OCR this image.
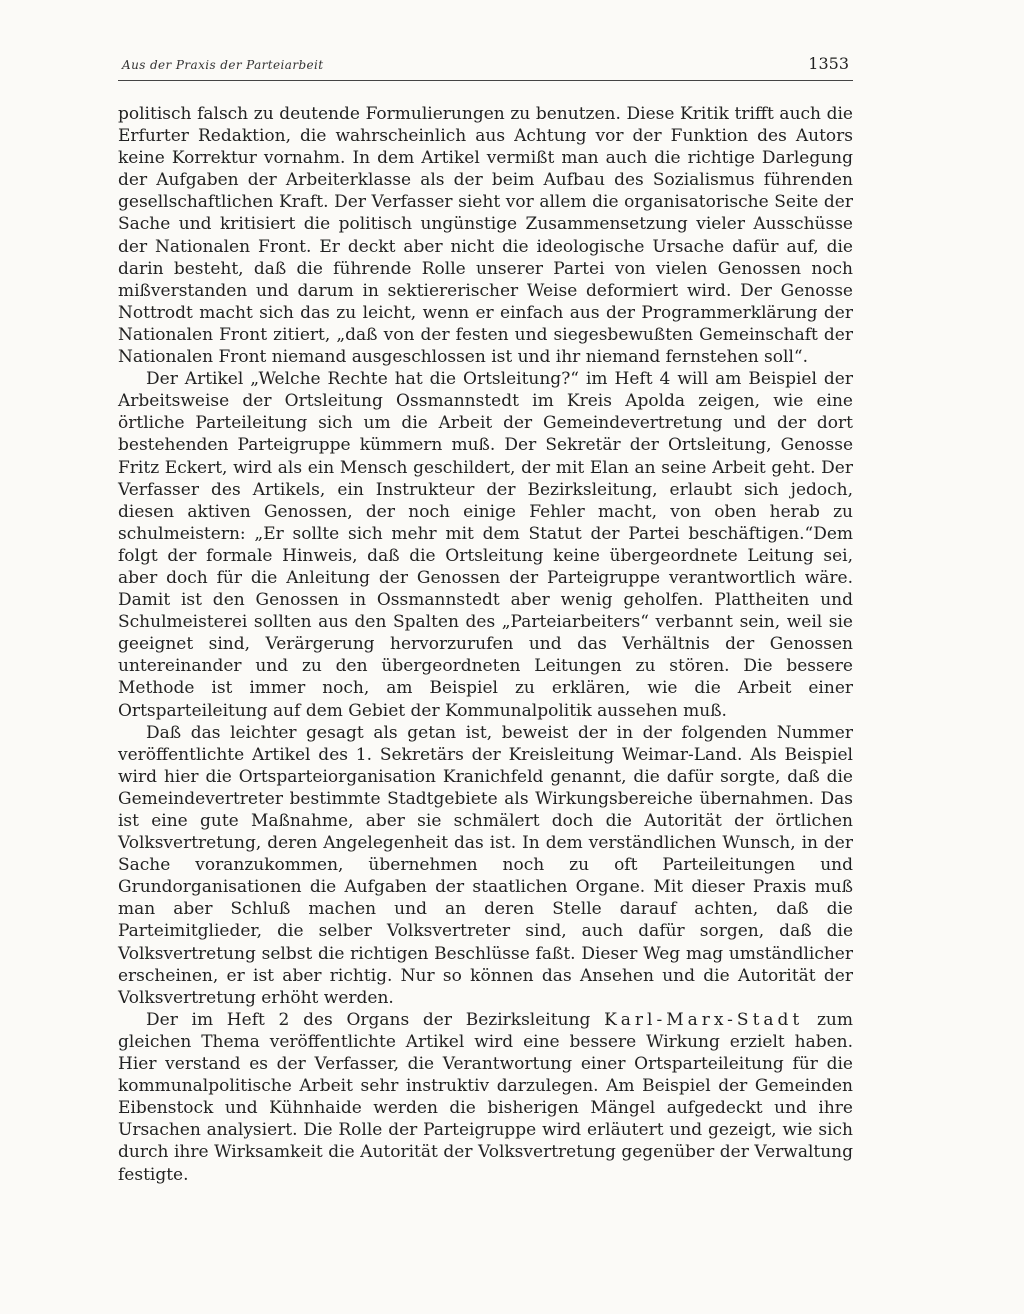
Aus der Praxis der Parteiarbeit	1353

politisch falsch zu deutende Formulierungen zu benutzen. Diese Kritik trifft auch die Erfurter Redaktion, die wahrscheinlich aus Achtung vor der Funktion des Autors keine Korrektur vornahm. In dem Artikel vermißt man auch die richtige Darlegung der Aufgaben der Arbeiterklasse als der beim Aufbau des Sozialismus führenden gesellschaftlichen Kraft. Der Verfasser sieht vor allem die organisatorische Seite der Sache und kritisiert die politisch ungünstige Zusammensetzung vieler Ausschüsse der Nationalen Front. Er deckt aber nicht die ideologische Ursache dafür auf, die darin besteht, daß die führende Rolle unserer Partei von vielen Genossen noch mißverstanden und darum in sektiererischer Weise deformiert wird. Der Genosse Nottrodt macht sich das zu leicht, wenn er einfach aus der Programmerklärung der Nationalen Front zitiert, „daß von der festen und siegesbewußten Gemeinschaft der Nationalen Front niemand ausgeschlossen ist und ihr niemand fernstehen soll“.

Der Artikel „Welche Rechte hat die Ortsleitung?“ im Heft 4 will am Beispiel der Arbeitsweise der Ortsleitung Ossmannstedt im Kreis Apolda zeigen, wie eine örtliche Parteileitung sich um die Arbeit der Gemeindevertretung und der dort bestehenden Parteigruppe kümmern muß. Der Sekretär der Ortsleitung, Genosse Fritz Eckert, wird als ein Mensch geschildert, der mit Elan an seine Arbeit geht. Der Verfasser des Artikels, ein Instrukteur der Bezirksleitung, erlaubt sich jedoch, diesen aktiven Genossen, der noch einige Fehler macht, von oben herab zu schulmeistern: „Er sollte sich mehr mit dem Statut der Partei beschäftigen.“Dem folgt der formale Hinweis, daß die Ortsleitung keine übergeordnete Leitung sei, aber doch für die Anleitung der Genossen der Parteigruppe verantwortlich wäre. Damit ist den Genossen in Ossmannstedt aber wenig geholfen. Plattheiten und Schulmeisterei sollten aus den Spalten des „Parteiarbeiters“ verbannt sein, weil sie geeignet sind, Verärgerung hervorzurufen und das Verhältnis der Genossen untereinander und zu den übergeordneten Leitungen zu stören. Die bessere Methode ist immer noch, am Beispiel zu erklären, wie die Arbeit einer Ortsparteileitung auf dem Gebiet der Kommunalpolitik aussehen muß.

Daß das leichter gesagt als getan ist, beweist der in der folgenden Nummer veröffentlichte Artikel des 1. Sekretärs der Kreisleitung Weimar-Land. Als Beispiel wird hier die Ortsparteiorganisation Kranichfeld genannt, die dafür sorgte, daß die Gemeindevertreter bestimmte Stadtgebiete als Wirkungsbereiche übernahmen. Das ist eine gute Maßnahme, aber sie schmälert doch die Autorität der örtlichen Volksvertretung, deren Angelegenheit das ist. In dem verständlichen Wunsch, in der Sache voranzukommen, übernehmen noch zu oft Parteileitungen und Grundorganisationen die Aufgaben der staatlichen Organe. Mit dieser Praxis muß man aber Schluß machen und an deren Stelle darauf achten, daß die Parteimitglieder, die selber Volksvertreter sind, auch dafür sorgen, daß die Volksvertretung selbst die richtigen Beschlüsse faßt. Dieser Weg mag umständlicher erscheinen, er ist aber richtig. Nur so können das Ansehen und die Autorität der Volksvertretung erhöht werden.

Der im Heft 2 des Organs der Bezirksleitung Karl-Marx-Stadt zum gleichen Thema veröffentlichte Artikel wird eine bessere Wirkung erzielt haben. Hier verstand es der Verfasser, die Verantwortung einer Ortsparteileitung für die kommunalpolitische Arbeit sehr instruktiv darzulegen. Am Beispiel der Gemeinden Eibenstock und Kühnhaide werden die bisherigen Mängel aufgedeckt und ihre Ursachen analysiert. Die Rolle der Parteigruppe wird erläutert und gezeigt, wie sich durch ihre Wirksamkeit die Autorität der Volksvertretung gegenüber der Verwaltung festigte.
